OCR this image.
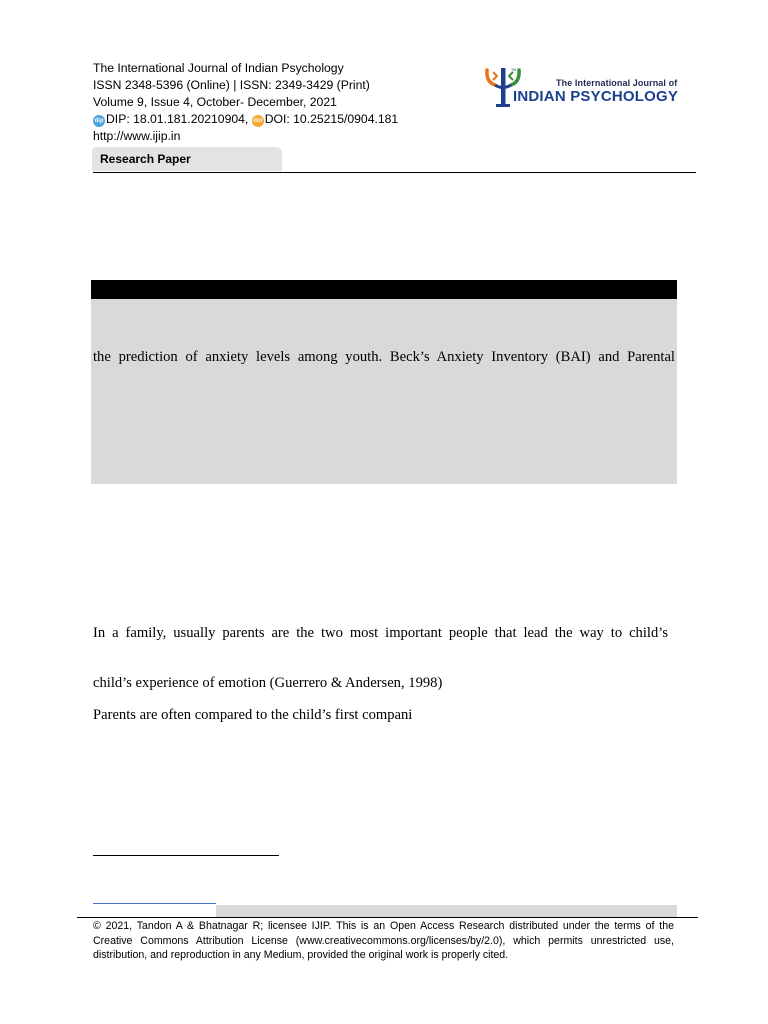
The International Journal of Indian Psychology
ISSN 2348-5396 (Online) | ISSN: 2349-3429 (Print)
Volume 9, Issue 4, October- December, 2021
dip DIP: 18.01.181.20210904, doi DOI: 10.25215/0904.181
http://www.ijip.in
TM
The International Journal of
INDIAN PSYCHOLOGY
Research Paper
the prediction of anxiety levels among youth. Beck’s Anxiety Inventory (BAI) and Parental
In a family, usually parents are the two most important people that lead the way to child’s
child’s experience of emotion (Guerrero & Andersen, 1998)
Parents are often compared to the child’s first compani
© 2021, Tandon A & Bhatnagar R; licensee IJIP. This is an Open Access Research distributed under the terms of the Creative Commons Attribution License (www.creativecommons.org/licenses/by/2.0), which permits unrestricted use, distribution, and reproduction in any Medium, provided the original work is properly cited.
